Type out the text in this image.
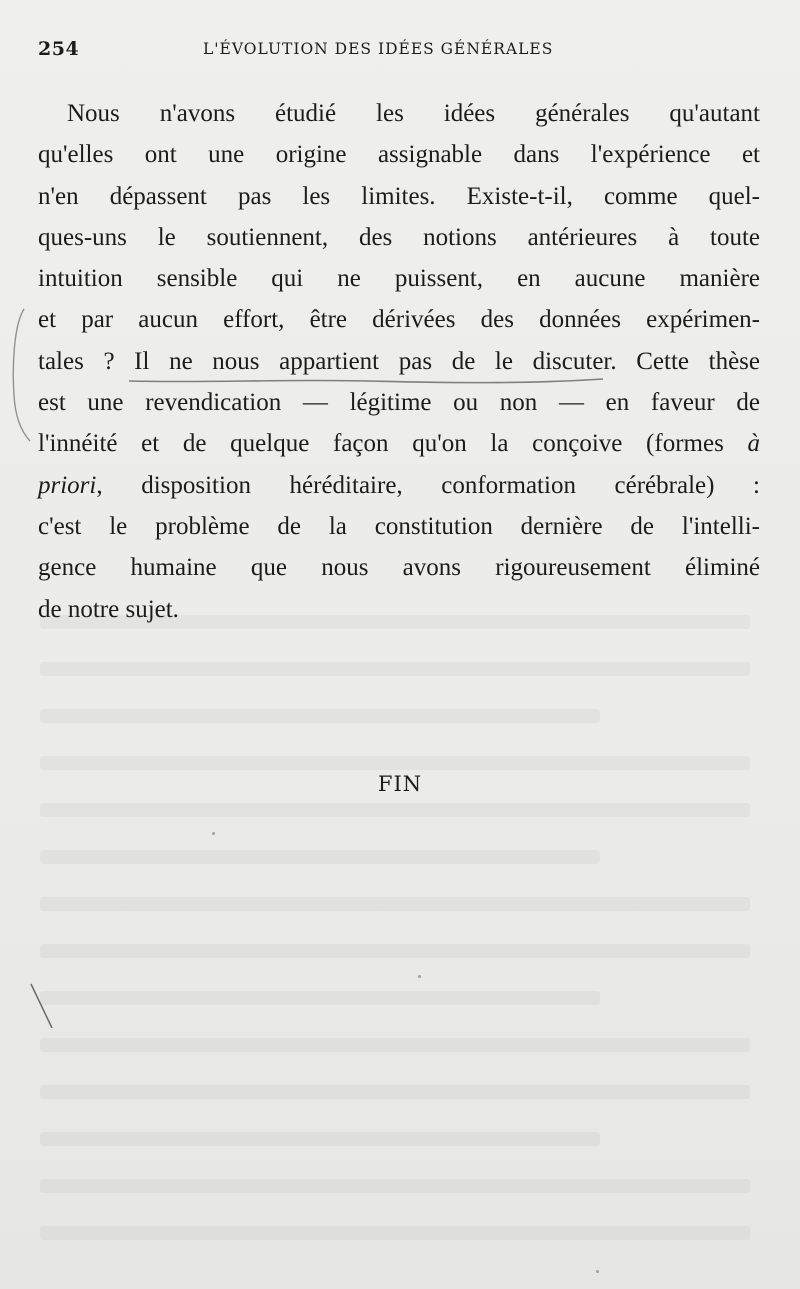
254	L'ÉVOLUTION DES IDÉES GÉNÉRALES
Nous n'avons étudié les idées générales qu'autant
qu'elles ont une origine assignable dans l'expérience et
n'en dépassent pas les limites. Existe-t-il, comme quel-
ques-uns le soutiennent, des notions antérieures à toute
intuition sensible qui ne puissent, en aucune manière
et par aucun effort, être dérivées des données expérimen-
tales ? Il ne nous appartient pas de le discuter. Cette thèse
est une revendication — légitime ou non — en faveur de
l'innéité et de quelque façon qu'on la conçoive (formes à
priori, disposition héréditaire, conformation cérébrale) :
c'est le problème de la constitution dernière de l'intelli-
gence humaine que nous avons rigoureusement éliminé
de notre sujet.
FIN
